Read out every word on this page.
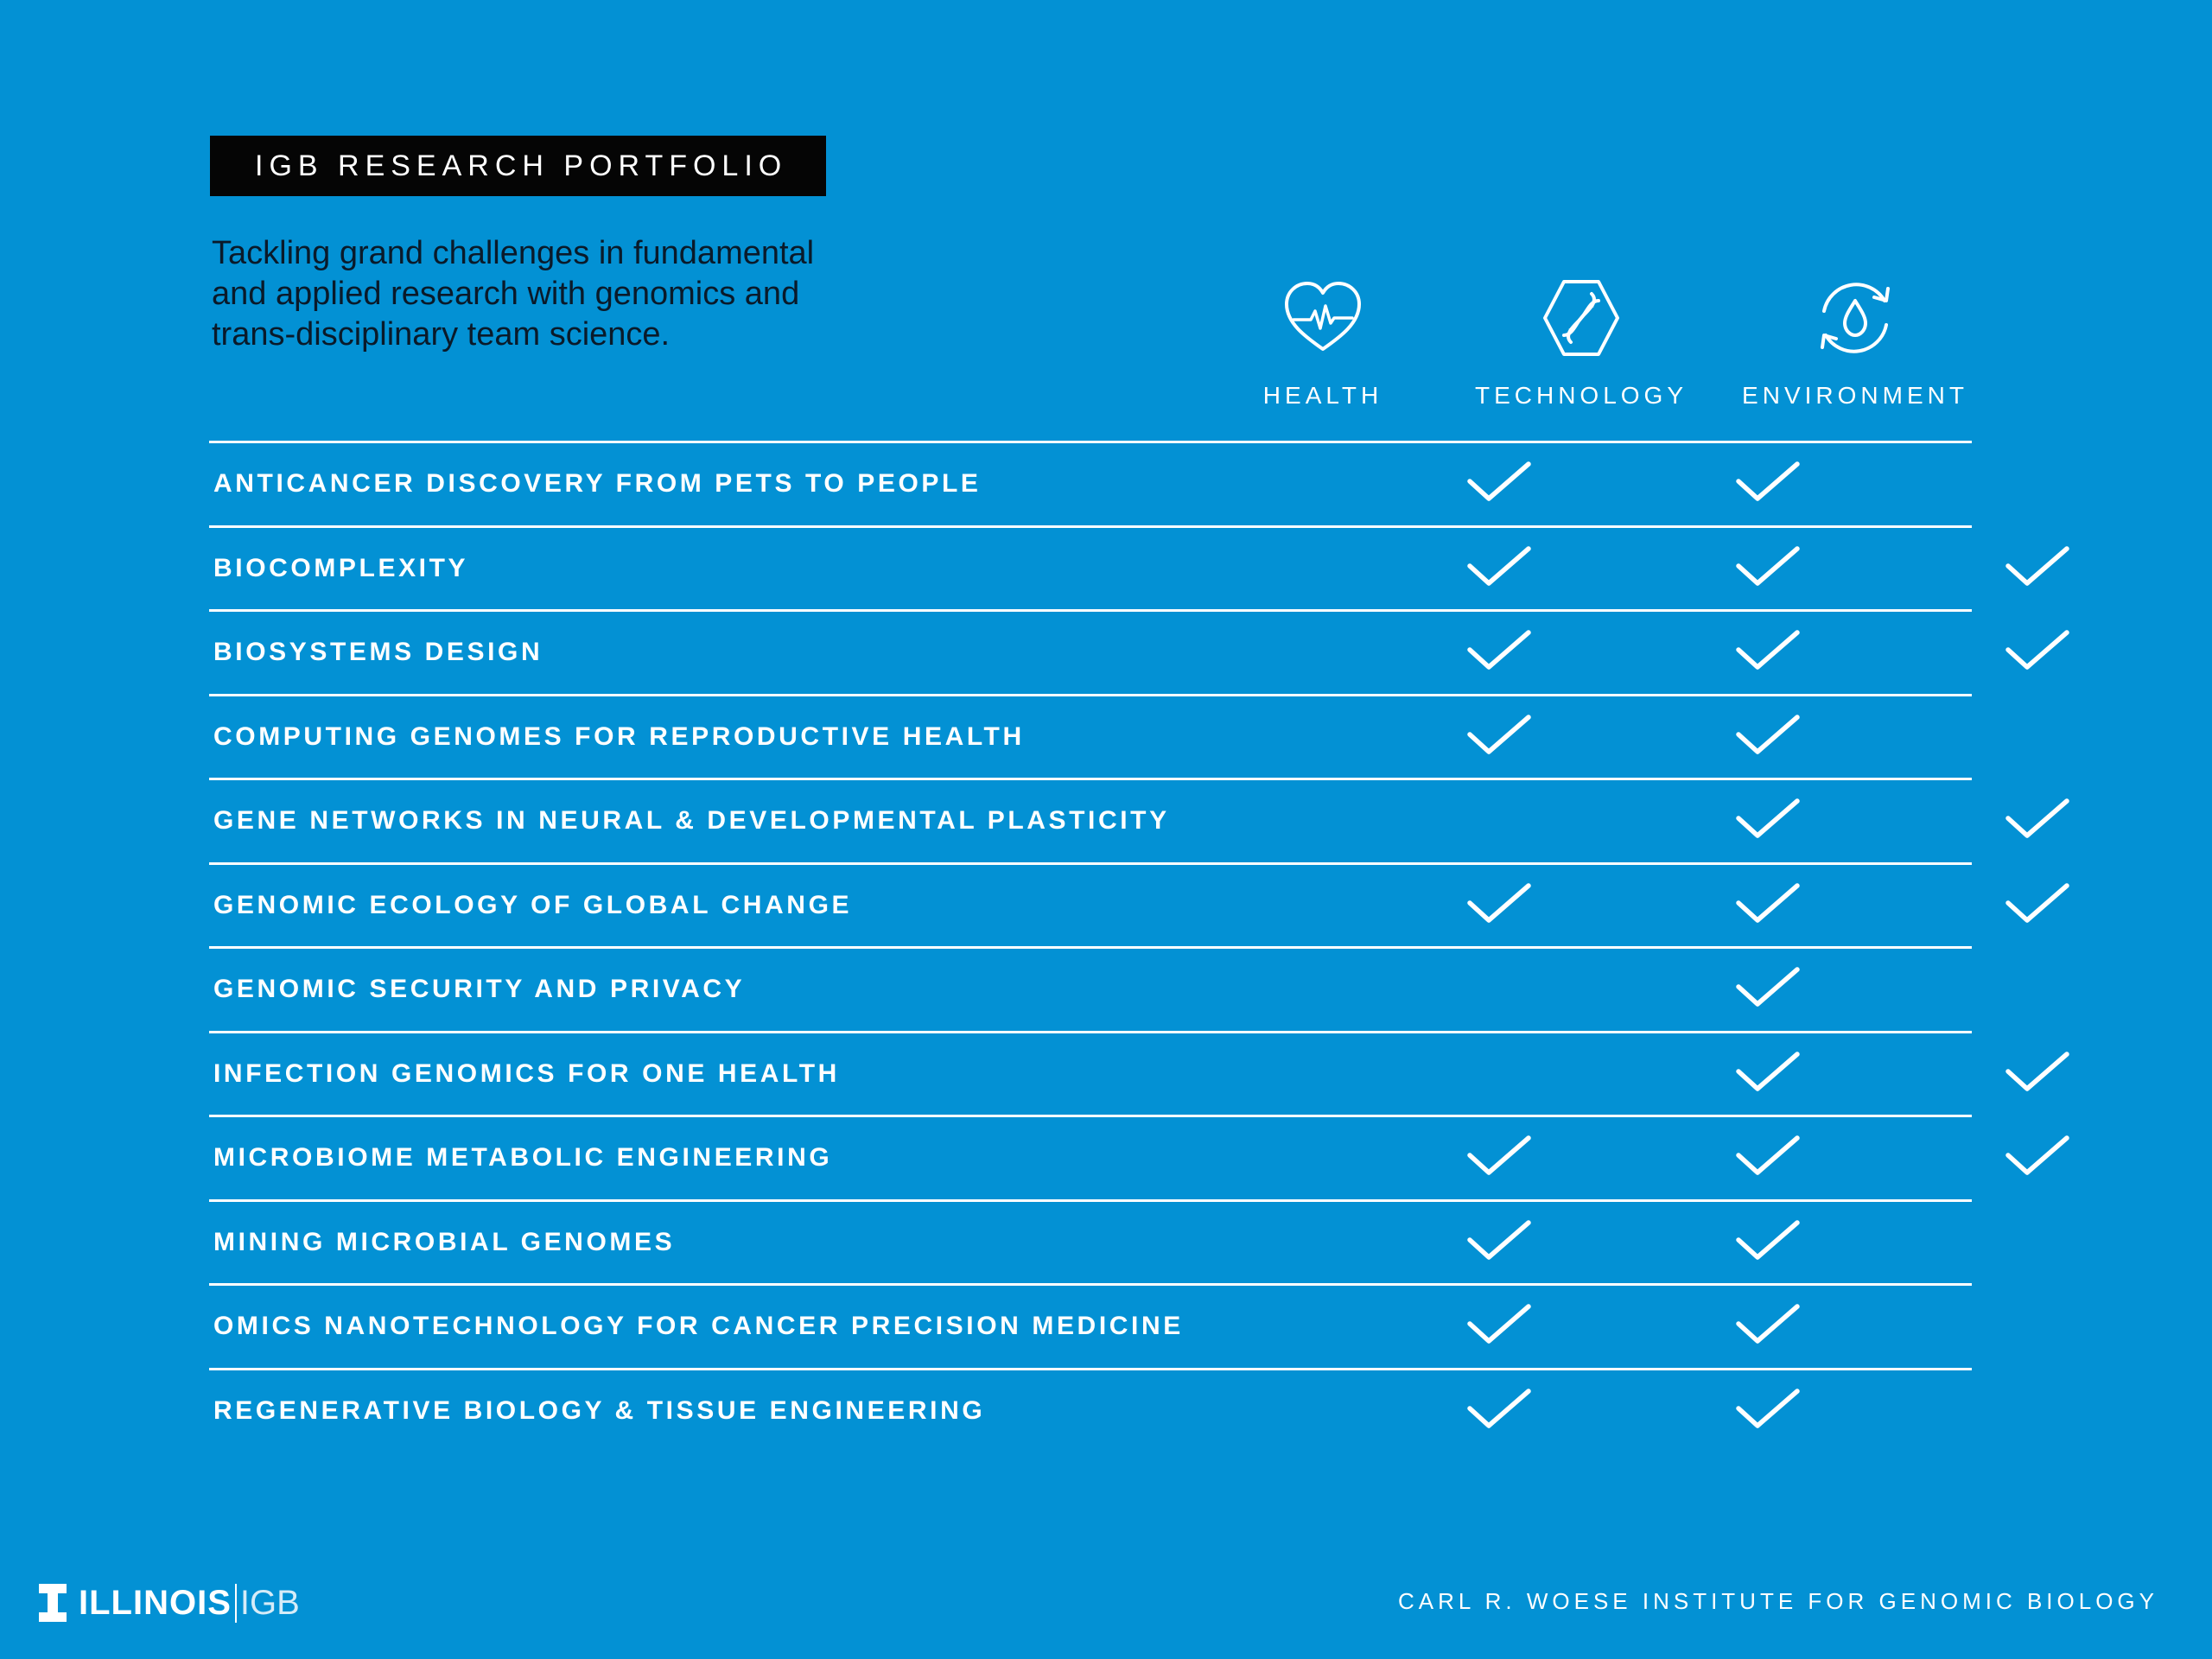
IGB RESEARCH PORTFOLIO
Tackling grand challenges in fundamental and applied research with genomics and trans-disciplinary team science.
HEALTH	TECHNOLOGY ENVIRONMENT
ANTICANCER DISCOVERY FROM PETS TO PEOPLE
BIOCOMPLEXITY
BIOSYSTEMS DESIGN
COMPUTING GENOMES FOR REPRODUCTIVE HEALTH
GENE NETWORKS IN NEURAL & DEVELOPMENTAL PLASTICITY
GENOMIC ECOLOGY OF GLOBAL CHANGE
GENOMIC SECURITY AND PRIVACY
INFECTION GENOMICS FOR ONE HEALTH
MICROBIOME METABOLIC ENGINEERING
MINING MICROBIAL GENOMES
OMICS NANOTECHNOLOGY FOR CANCER PRECISION MEDICINE
REGENERATIVE BIOLOGY & TISSUE ENGINEERING
ILLINOIS IGB	CARL R. WOESE INSTITUTE FOR GENOMIC BIOLOGY
